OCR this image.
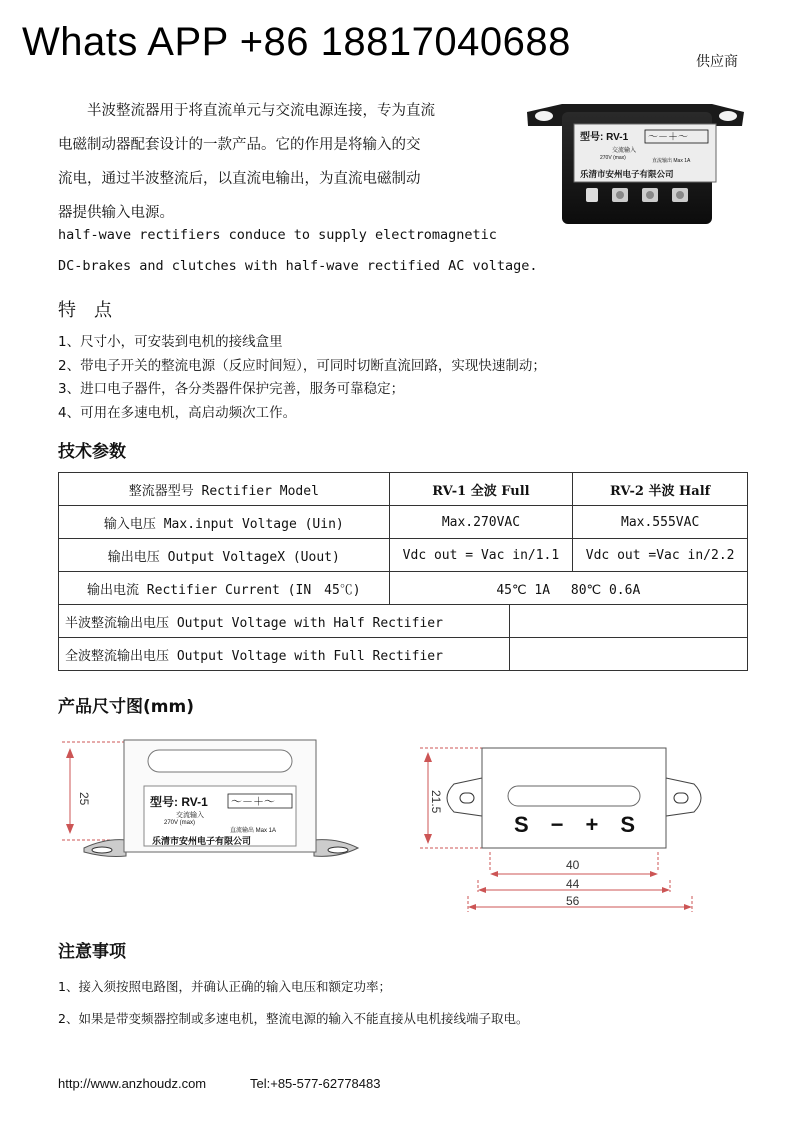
Whats APP +86 18817040688	供应商

　　半波整流器用于将直流单元与交流电源连接，专为直流

电磁制动器配套设计的一款产品。它的作用是将输入的交

流电，通过半波整流后，以直流电输出，为直流电磁制动

器提供输入电源。

half-wave rectifiers conduce to supply electromagnetic
DC-brakes and clutches with half-wave rectified AC voltage.
型号: RV-1 ～－＋～
交流输入
270V (max)	直流输出 Max 1A
乐清市安州电子有限公司
特　点
1、尺寸小，可安装到电机的接线盒里
2、带电子开关的整流电源（反应时间短），可同时切断直流回路，实现快速制动；
3、进口电子器件，各分类器件保护完善，服务可靠稳定；
4、可用在多速电机，高启动频次工作。
技术参数
整流器型号 Rectifier Model	RV-1 全波 Full		RV-2 半波 Half
输入电压 Max.input Voltage (Uin)	Max.270VAC		Max.555VAC
输出电压 Output VoltageX (Uout)	Vdc out = Vac in/1.1		Vdc out =Vac in/2.2
输出电流 Rectifier Current (IN　45℃)	45℃ 1A　 80℃ 0.6A		
半波整流输出电压 Output Voltage with Half Rectifier			
全波整流输出电压 Output Voltage with Full Rectifier			
产品尺寸图(mm)
25	型号: RV-1 ～－＋～
交流输入
270V (max)
直流输出 Max 1A
乐清市安州电子有限公司
21.5
S　−　+　S
40
44
56
注意事项
1、接入须按照电路图，并确认正确的输入电压和额定功率；
2、如果是带变频器控制或多速电机，整流电源的输入不能直接从电机接线端子取电。
http://www.anzhoudz.com	Tel:+85-577-62778483
